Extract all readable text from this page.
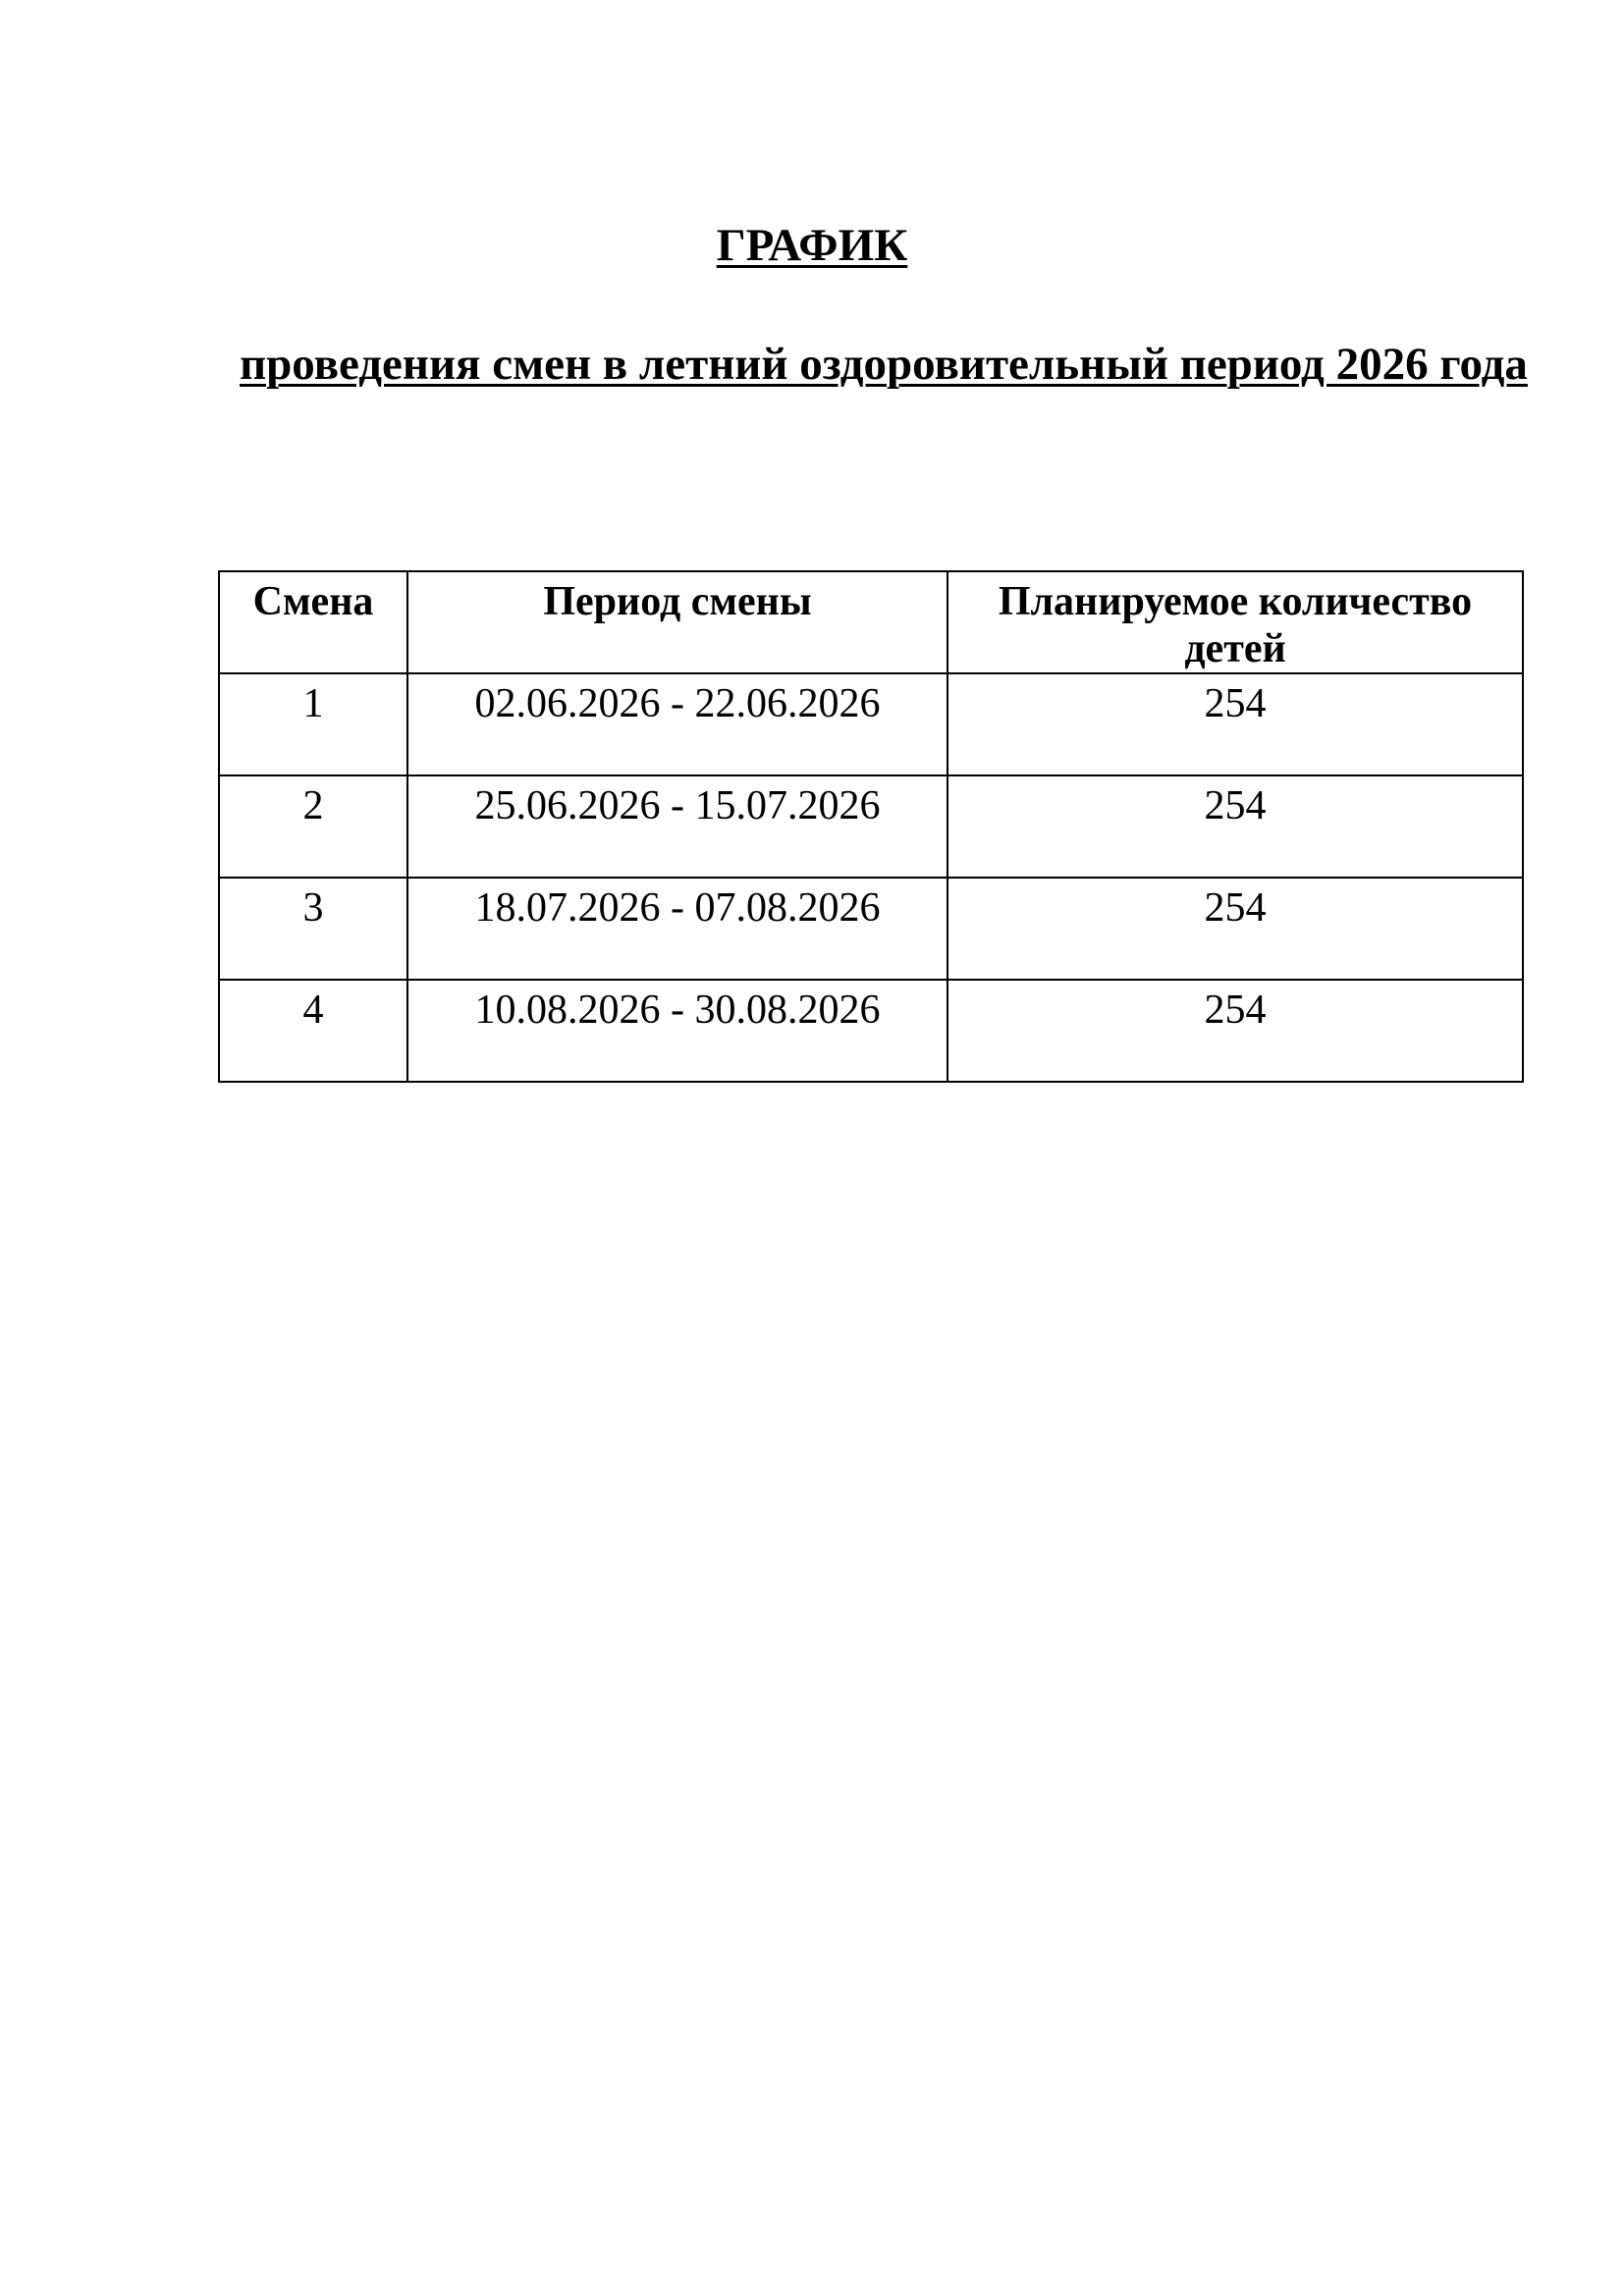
ГРАФИК
проведения смен в летний оздоровительный период 2026 года
Смена	Период смены	Планируемое количество детей
1	02.06.2026 - 22.06.2026	254
2	25.06.2026 - 15.07.2026	254
3	18.07.2026 - 07.08.2026	254
4	10.08.2026 - 30.08.2026	254
